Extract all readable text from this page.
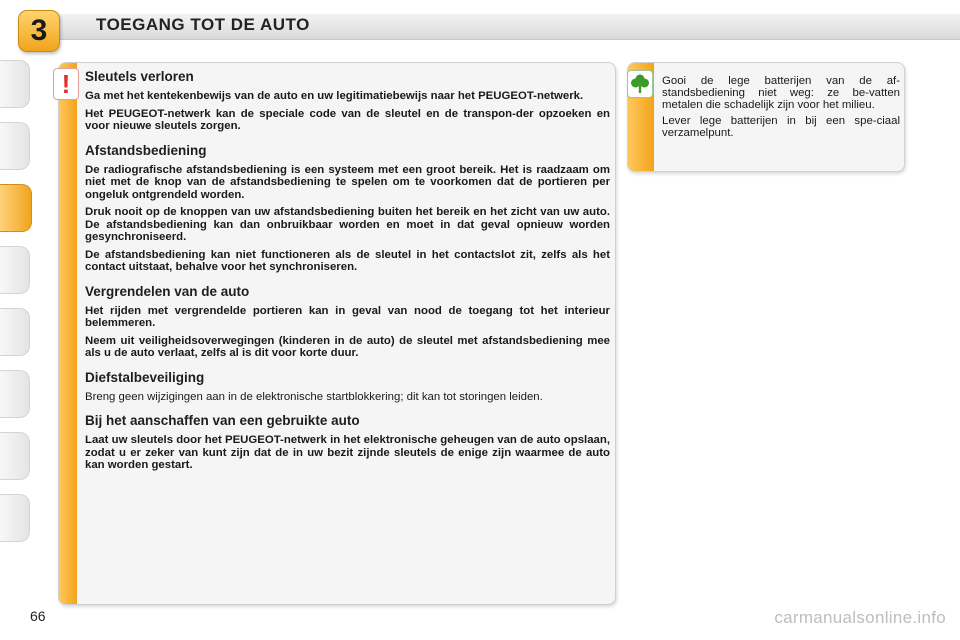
3	TOEGANG TOT DE AUTO
Sleutels verloren

Ga met het kentekenbewijs van de auto en uw legitimatiebewijs naar het PEUGEOT-netwerk.

Het PEUGEOT-netwerk kan de speciale code van de sleutel en de transpon-der opzoeken en voor nieuwe sleutels zorgen.

Afstandsbediening

De radiografische afstandsbediening is een systeem met een groot bereik. Het is raadzaam om niet met de knop van de afstandsbediening te spelen om te voorkomen dat de portieren per ongeluk ontgrendeld worden.

Druk nooit op de knoppen van uw afstandsbediening buiten het bereik en het zicht van uw auto. De afstandsbediening kan dan onbruikbaar worden en moet in dat geval opnieuw worden gesynchroniseerd.

De afstandsbediening kan niet functioneren als de sleutel in het contactslot zit, zelfs als het contact uitstaat, behalve voor het synchroniseren.

Vergrendelen van de auto

Het rijden met vergrendelde portieren kan in geval van nood de toegang tot het interieur belemmeren.

Neem uit veiligheidsoverwegingen (kinderen in de auto) de sleutel met afstandsbediening mee als u de auto verlaat, zelfs al is dit voor korte duur.

Diefstalbeveiliging

Breng geen wijzigingen aan in de elektronische startblokkering; dit kan tot storingen leiden.

Bij het aanschaffen van een gebruikte auto

Laat uw sleutels door het PEUGEOT-netwerk in het elektronische geheugen van de auto opslaan, zodat u er zeker van kunt zijn dat de in uw bezit zijnde sleutels de enige zijn waarmee de auto kan worden gestart.

!	Gooi de lege batterijen van de af-standsbediening niet weg: ze be-vatten metalen die schadelijk zijn voor het milieu.

Lever lege batterijen in bij een spe-ciaal verzamelpunt.

66	carmanualsonline.info
